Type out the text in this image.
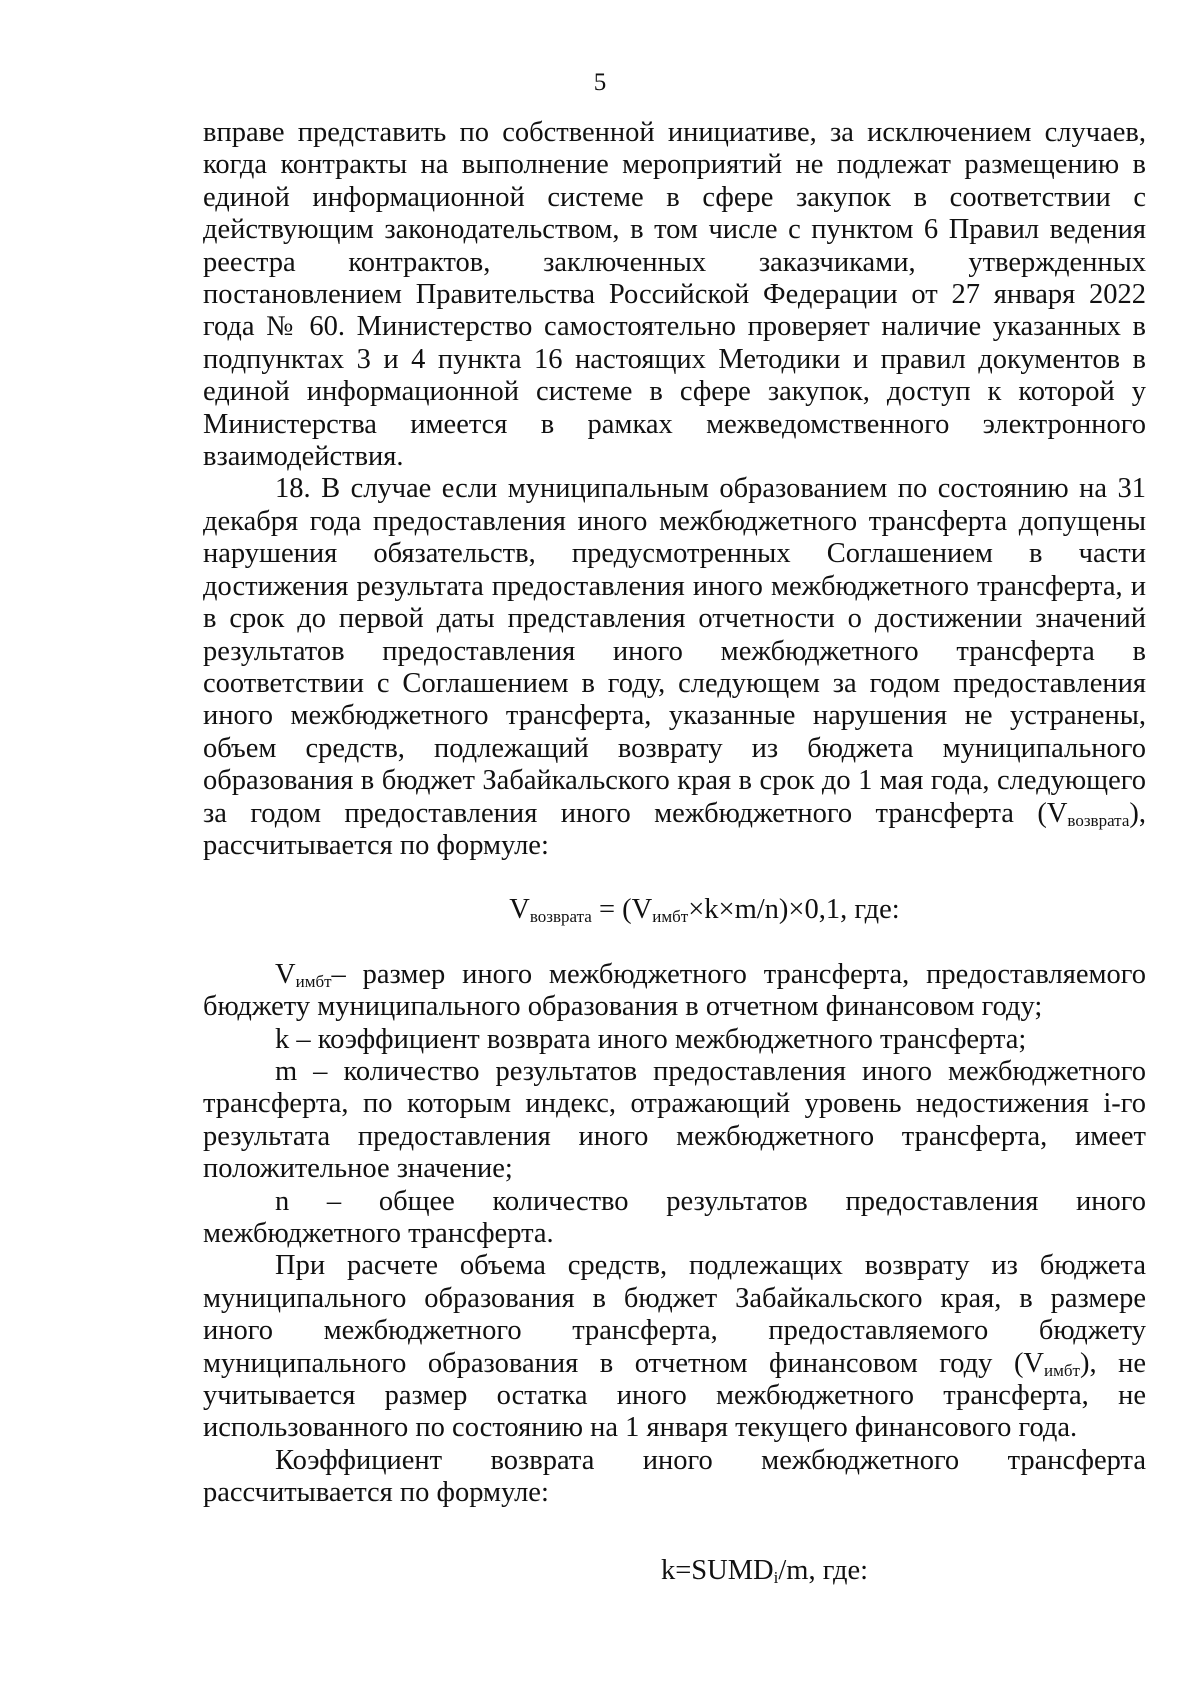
5

вправе представить по собственной инициативе, за исключением случаев, когда контракты на выполнение мероприятий не подлежат размещению в единой информационной системе в сфере закупок в соответствии с действующим законодательством, в том числе с пунктом 6 Правил ведения реестра контрактов, заключенных заказчиками, утвержденных постановлением Правительства Российской Федерации от 27 января 2022 года № 60. Министерство самостоятельно проверяет наличие указанных в подпунктах 3 и 4 пункта 16 настоящих Методики и правил документов в единой информационной системе в сфере закупок, доступ к которой у Министерства имеется в рамках межведомственного электронного взаимодействия.

18. В случае если муниципальным образованием по состоянию на 31 декабря года предоставления иного межбюджетного трансферта допущены нарушения обязательств, предусмотренных Соглашением в части достижения результата предоставления иного межбюджетного трансферта, и в срок до первой даты представления отчетности о достижении значений результатов предоставления иного межбюджетного трансферта в соответствии с Соглашением в году, следующем за годом предоставления иного межбюджетного трансферта, указанные нарушения не устранены, объем средств, подлежащий возврату из бюджета муниципального образования в бюджет Забайкальского края в срок до 1 мая года, следующего за годом предоставления иного межбюджетного трансферта $(V_{возврата})$, рассчитывается по формуле:

$V_{возврата} = (V_{имбт}\times k\times m/n)\times 0,1$, где:

$V_{имбт}-$ размер иного межбюджетного трансферта, предоставляемого бюджету муниципального образования в отчетном финансовом году;

k – коэффициент возврата иного межбюджетного трансферта;

m – количество результатов предоставления иного межбюджетного трансферта, по которым индекс, отражающий уровень недостижения i-го результата предоставления иного межбюджетного трансферта, имеет положительное значение;

n – общее количество результатов предоставления иного межбюджетного трансферта.

При расчете объема средств, подлежащих возврату из бюджета муниципального образования в бюджет Забайкальского края, в размере иного межбюджетного трансферта, предоставляемого бюджету муниципального образования в отчетном финансовом году $(V_{имбт})$, не учитывается размер остатка иного межбюджетного трансферта, не использованного по состоянию на 1 января текущего финансового года.

Коэффициент возврата иного межбюджетного трансферта рассчитывается по формуле:

$k=SUMD_i/m$, где:
